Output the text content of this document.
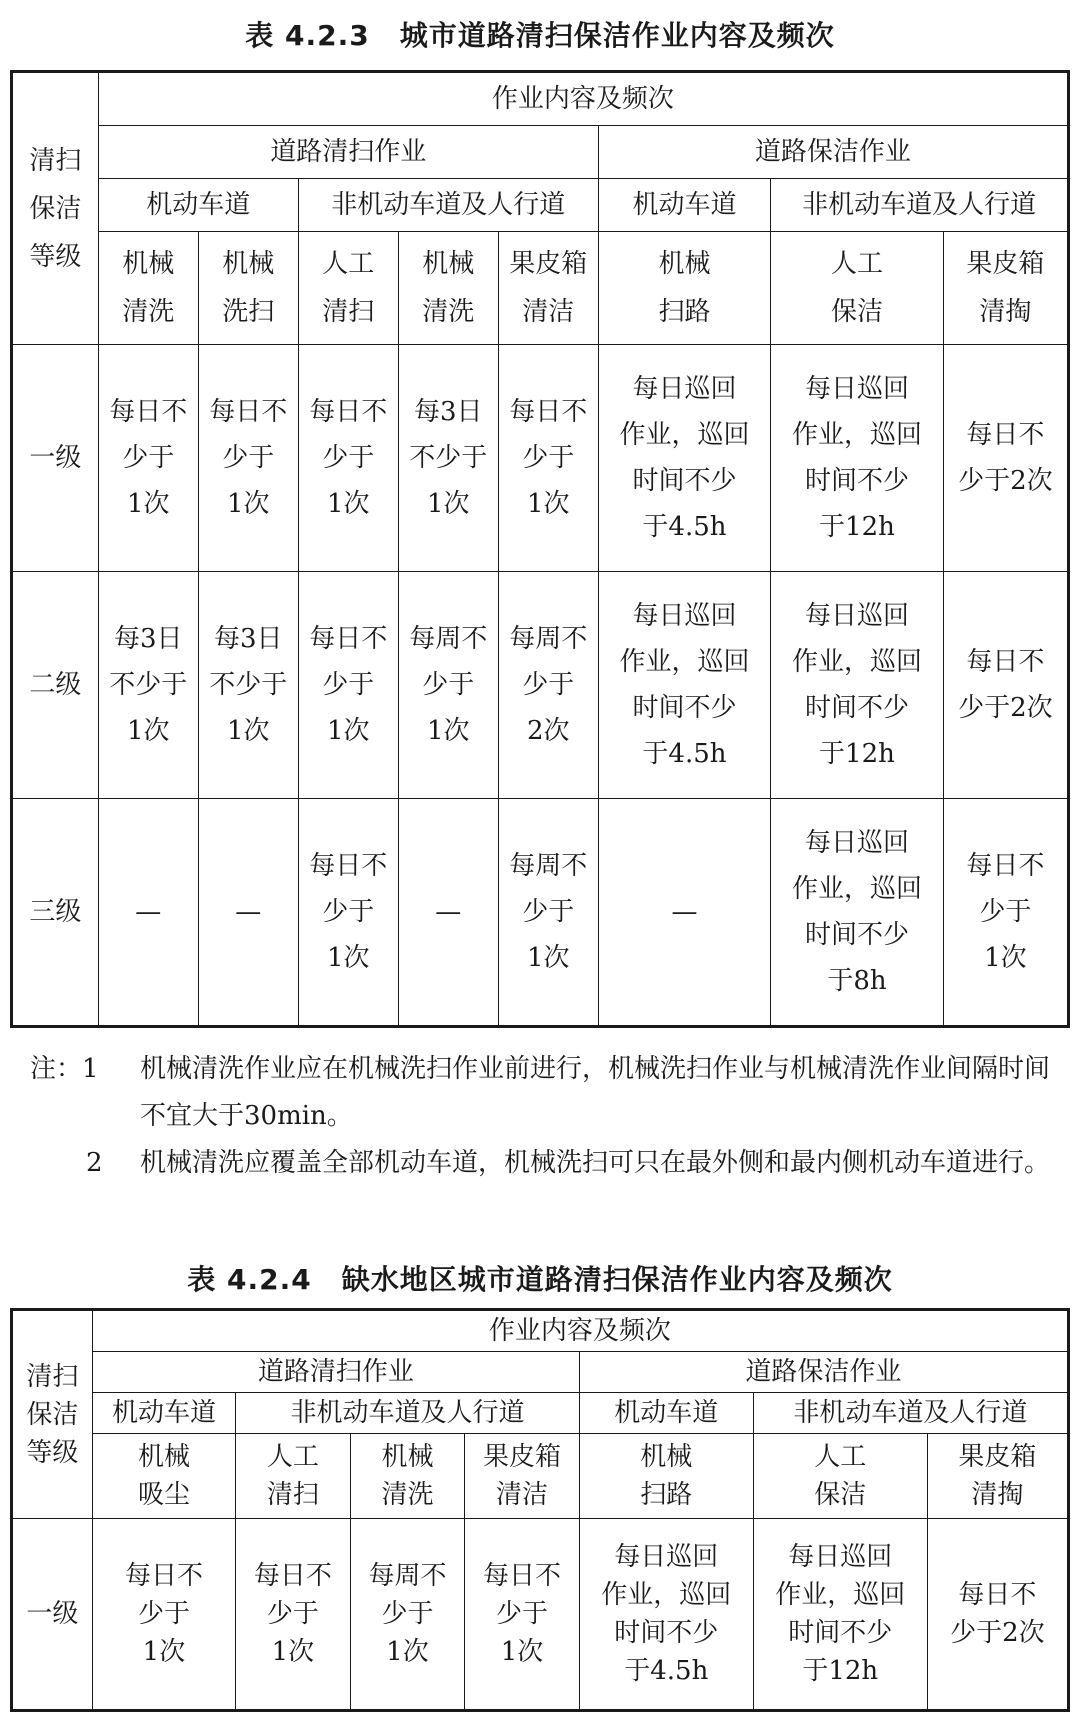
表 4.2.3 城市道路清扫保洁作业内容及频次
清扫
保洁
等级	作业内容及频次							
	道路清扫作业					道路保洁作业		
	机动车道		非机动车道及人行道			机动车道	非机动车道及人行道	
	机械
清洗	机械
洗扫	人工
清扫	机械
清洗	果皮箱
清洁	机械
扫路	人工
保洁	果皮箱
清掏
一级	每日不
少于
1次	每日不
少于
1次	每日不
少于
1次	每3日
不少于
1次	每日不
少于
1次	每日巡回
作业，巡回
时间不少
于4.5h	每日巡回
作业，巡回
时间不少
于12h	每日不
少于2次
二级	每3日
不少于
1次	每3日
不少于
1次	每日不
少于
1次	每周不
少于
1次	每周不
少于
2次	每日巡回
作业，巡回
时间不少
于4.5h	每日巡回
作业，巡回
时间不少
于12h	每日不
少于2次
三级	—	—	每日不
少于
1次	—	每周不
少于
1次	—	每日巡回
作业，巡回
时间不少
于8h	每日不
少于
1次
注：1	机械清洗作业应在机械洗扫作业前进行，机械洗扫作业与机械清洗作业间隔时间不宜大于30min。
2	机械清洗应覆盖全部机动车道，机械洗扫可只在最外侧和最内侧机动车道进行。
表 4.2.4 缺水地区城市道路清扫保洁作业内容及频次
清扫
保洁
等级	作业内容及频次						
	道路清扫作业				道路保洁作业		
	机动车道	非机动车道及人行道			机动车道	非机动车道及人行道	
	机械
吸尘	人工
清扫	机械
清洗	果皮箱
清洁	机械
扫路	人工
保洁	果皮箱
清掏
一级	每日不
少于
1次	每日不
少于
1次	每周不
少于
1次	每日不
少于
1次	每日巡回
作业，巡回
时间不少
于4.5h	每日巡回
作业，巡回
时间不少
于12h	每日不
少于2次
